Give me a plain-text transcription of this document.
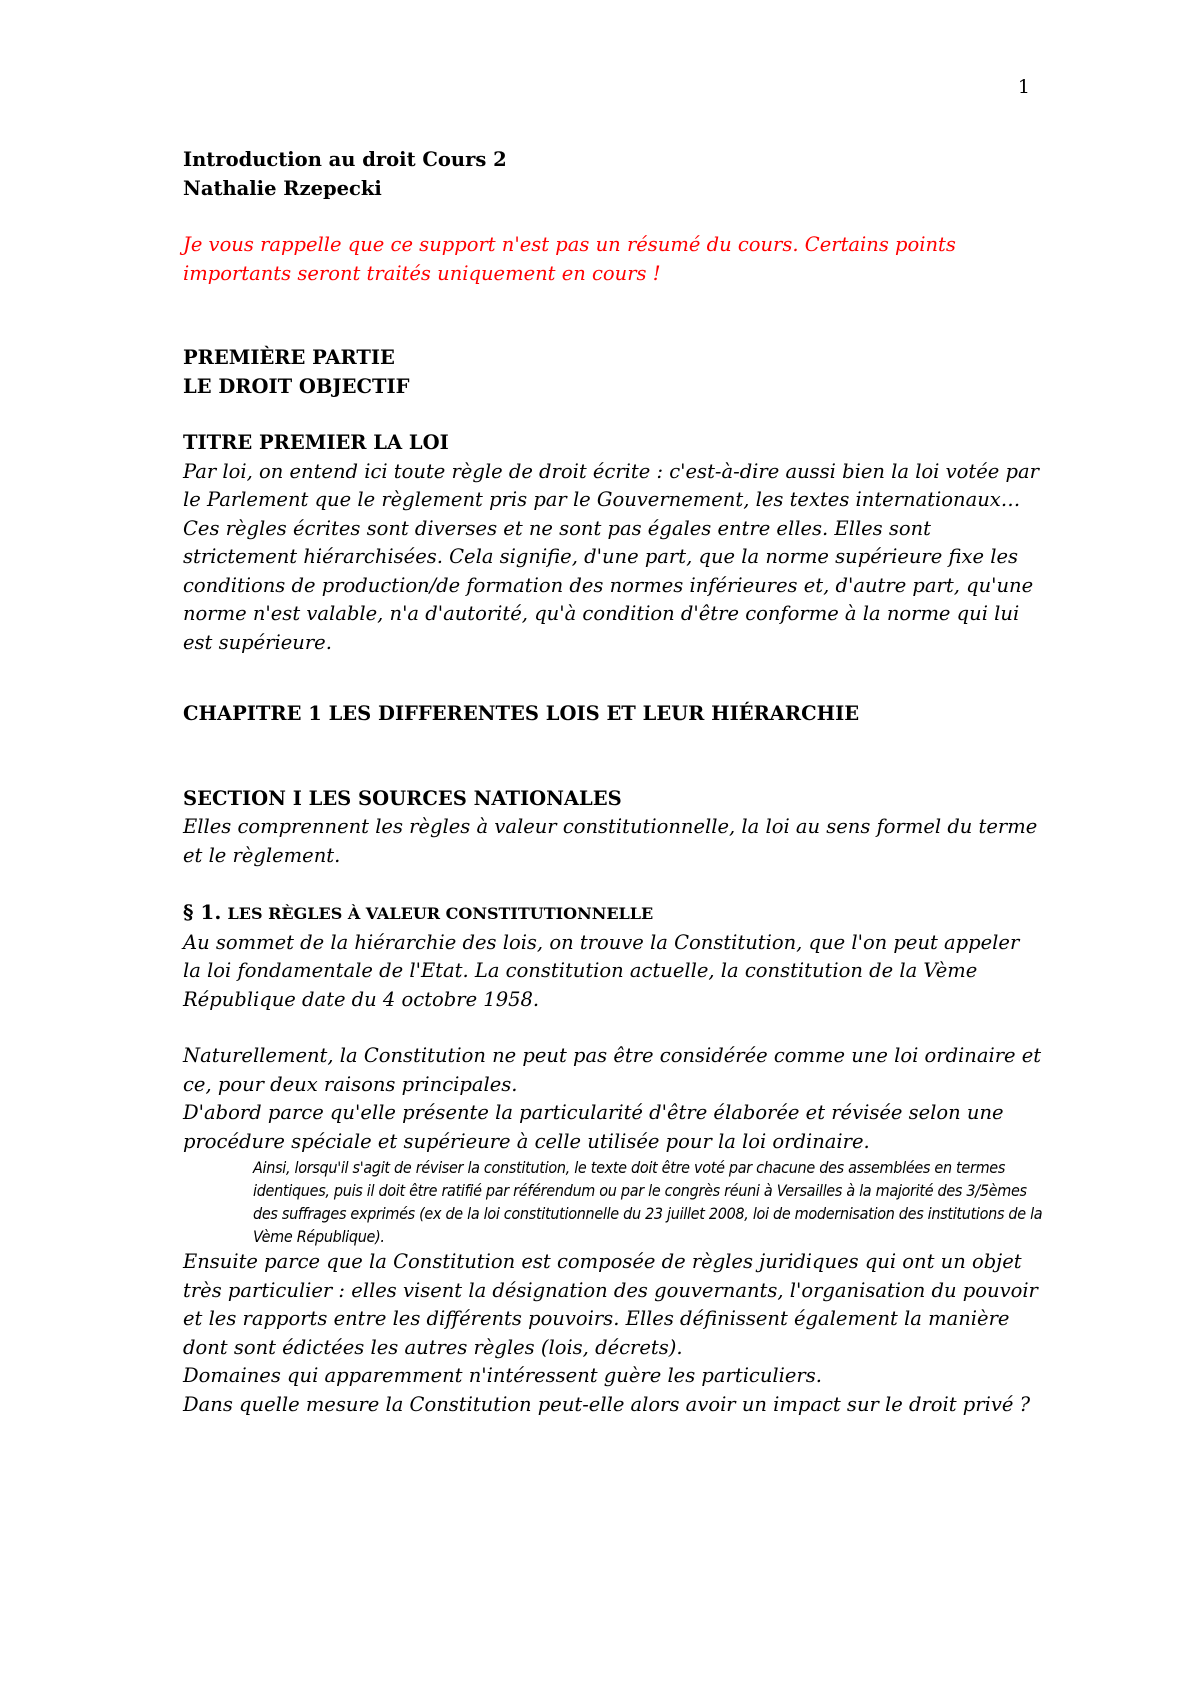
1

Introduction au droit Cours 2

Nathalie Rzepecki

Je vous rappelle que ce support n'est pas un résumé du cours. Certains points importants seront traités uniquement en cours !

PREMIÈRE PARTIE

LE DROIT OBJECTIF

TITRE PREMIER LA LOI

Par loi, on entend ici toute règle de droit écrite : c'est-à-dire aussi bien la loi votée par le Parlement que le règlement pris par le Gouvernement, les textes internationaux…

Ces règles écrites sont diverses et ne sont pas égales entre elles. Elles sont strictement hiérarchisées. Cela signifie, d'une part, que la norme supérieure fixe les conditions de production/de formation des normes inférieures et, d'autre part, qu'une norme n'est valable, n'a d'autorité, qu'à condition d'être conforme à la norme qui lui est supérieure.

CHAPITRE 1 LES DIFFERENTES LOIS ET LEUR HIÉRARCHIE

SECTION I LES SOURCES NATIONALES

Elles comprennent les règles à valeur constitutionnelle, la loi au sens formel du terme et le règlement.

§ 1. LES RÈGLES À VALEUR CONSTITUTIONNELLE

Au sommet de la hiérarchie des lois, on trouve la Constitution, que l'on peut appeler la loi fondamentale de l'Etat. La constitution actuelle, la constitution de la Vème République date du 4 octobre 1958.

Naturellement, la Constitution ne peut pas être considérée comme une loi ordinaire et ce, pour deux raisons principales.

D'abord parce qu'elle présente la particularité d'être élaborée et révisée selon une procédure spéciale et supérieure à celle utilisée pour la loi ordinaire.

Ainsi, lorsqu'il s'agit de réviser la constitution, le texte doit être voté par chacune des assemblées en termes identiques, puis il doit être ratifié par référendum ou par le congrès réuni à Versailles à la majorité des 3/5èmes des suffrages exprimés (ex de la loi constitutionnelle du 23 juillet 2008, loi de modernisation des institutions de la Vème République).

Ensuite parce que la Constitution est composée de règles juridiques qui ont un objet très particulier : elles visent la désignation des gouvernants, l'organisation du pouvoir et les rapports entre les différents pouvoirs. Elles définissent également la manière dont sont édictées les autres règles (lois, décrets).

Domaines qui apparemment n'intéressent guère les particuliers.

Dans quelle mesure la Constitution peut-elle alors avoir un impact sur le droit privé ?
